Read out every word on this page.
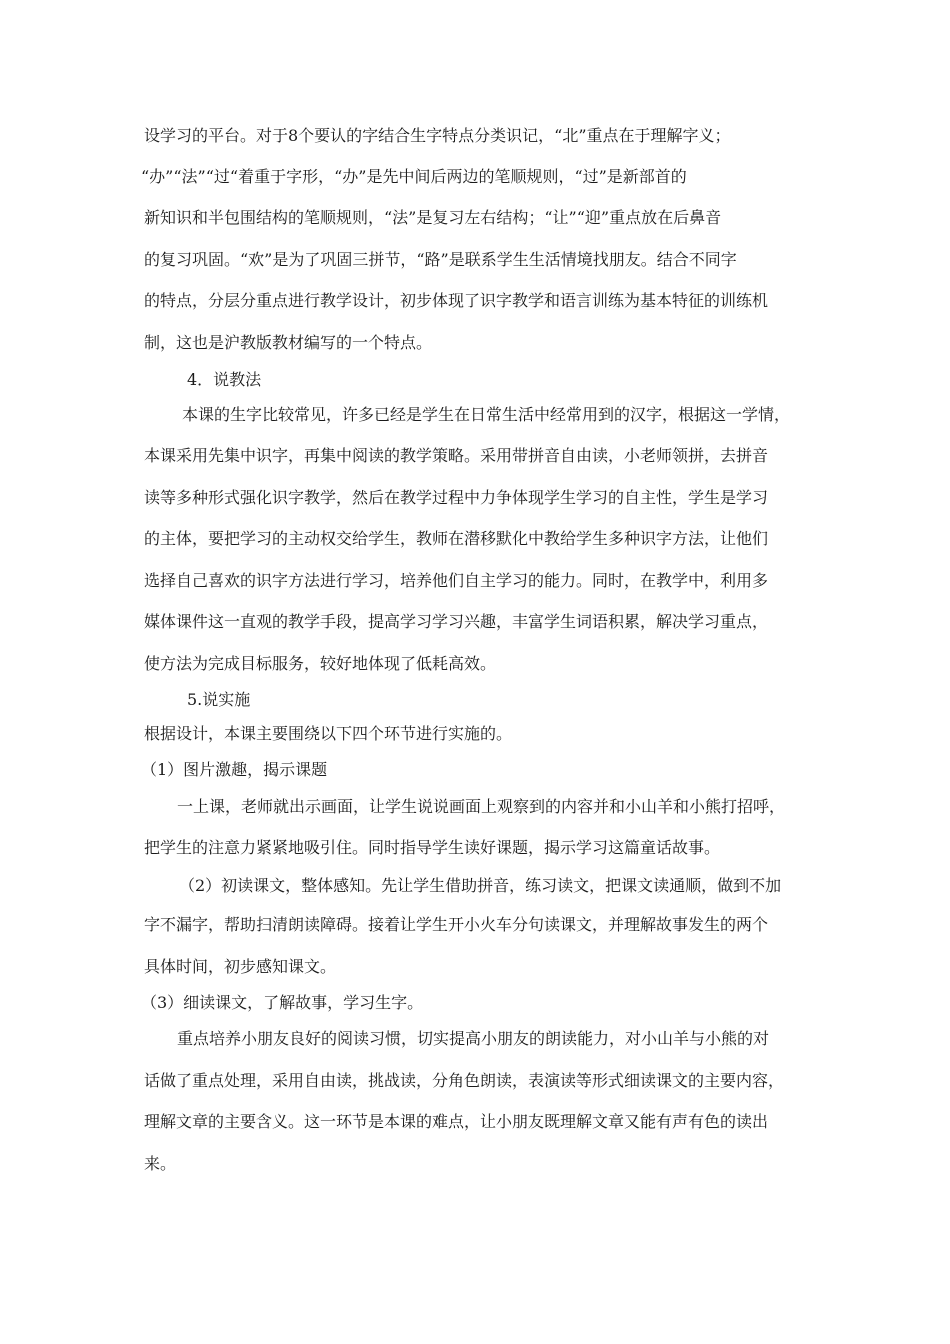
设学习的平台。对于8个要认的字结合生字特点分类识记，“北”重点在于理解字义；
“办”“法”“过“着重于字形，“办”是先中间后两边的笔顺规则，“过”是新部首的
新知识和半包围结构的笔顺规则，“法”是复习左右结构；“让”“迎”重点放在后鼻音
的复习巩固。“欢”是为了巩固三拼节，“路”是联系学生生活情境找朋友。结合不同字
的特点，分层分重点进行教学设计，初步体现了识字教学和语言训练为基本特征的训练机
制，这也是沪教版教材编写的一个特点。
4．说教法
本课的生字比较常见，许多已经是学生在日常生活中经常用到的汉字，根据这一学情，
本课采用先集中识字，再集中阅读的教学策略。采用带拼音自由读，小老师领拼，去拼音
读等多种形式强化识字教学，然后在教学过程中力争体现学生学习的自主性，学生是学习
的主体，要把学习的主动权交给学生，教师在潜移默化中教给学生多种识字方法，让他们
选择自己喜欢的识字方法进行学习，培养他们自主学习的能力。同时，在教学中，利用多
媒体课件这一直观的教学手段，提高学习学习兴趣，丰富学生词语积累，解决学习重点，
使方法为完成目标服务，较好地体现了低耗高效。
5.说实施
根据设计，本课主要围绕以下四个环节进行实施的。
（1）图片激趣，揭示课题
一上课，老师就出示画面，让学生说说画面上观察到的内容并和小山羊和小熊打招呼，
把学生的注意力紧紧地吸引住。同时指导学生读好课题，揭示学习这篇童话故事。
（2）初读课文，整体感知。先让学生借助拼音，练习读文，把课文读通顺，做到不加
字不漏字，帮助扫清朗读障碍。接着让学生开小火车分句读课文，并理解故事发生的两个
具体时间，初步感知课文。
（3）细读课文，了解故事，学习生字。
重点培养小朋友良好的阅读习惯，切实提高小朋友的朗读能力，对小山羊与小熊的对
话做了重点处理，采用自由读，挑战读，分角色朗读，表演读等形式细读课文的主要内容，
理解文章的主要含义。这一环节是本课的难点，让小朋友既理解文章又能有声有色的读出
来。
